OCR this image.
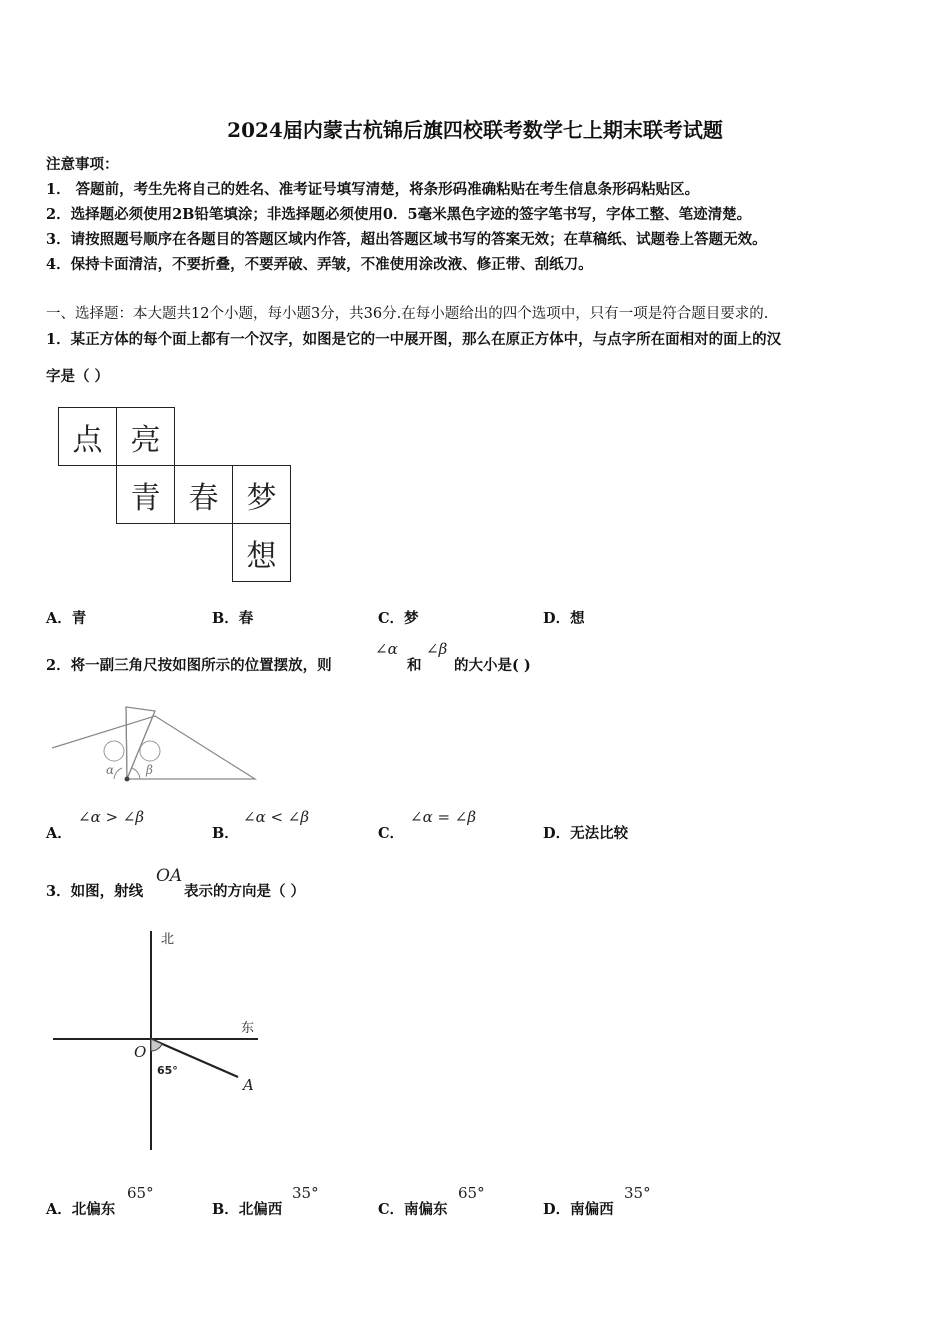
2024届内蒙古杭锦后旗四校联考数学七上期末联考试题
注意事项：
1． 答题前，考生先将自己的姓名、准考证号填写清楚，将条形码准确粘贴在考生信息条形码粘贴区。
2．选择题必须使用2B铅笔填涂；非选择题必须使用0．5毫米黑色字迹的签字笔书写，字体工整、笔迹清楚。
3．请按照题号顺序在各题目的答题区域内作答，超出答题区域书写的答案无效；在草稿纸、试题卷上答题无效。
4．保持卡面清洁，不要折叠，不要弄破、弄皱，不准使用涂改液、修正带、刮纸刀。
一、选择题：本大题共12个小题，每小题3分，共36分.在每小题给出的四个选项中，只有一项是符合题目要求的.
1．某正方体的每个面上都有一个汉字，如图是它的一中展开图，那么在原正方体中，与点字所在面相对的面上的汉
字是（ ）
点 亮
青 春 梦
想
A．青	B．春	C．梦	D．想
2．将一副三角尺按如图所示的位置摆放，则
∠α
和
∠β
的大小是( )
α	β
A．
∠α > ∠β
B．
∠α < ∠β
C．
∠α = ∠β
D．无法比较
3．如图，射线
OA
表示的方向是（ ）
北
东
O
65°
A
A．北偏东
65°
B．北偏西
35°
C．南偏东
65°
D．南偏西
35°
